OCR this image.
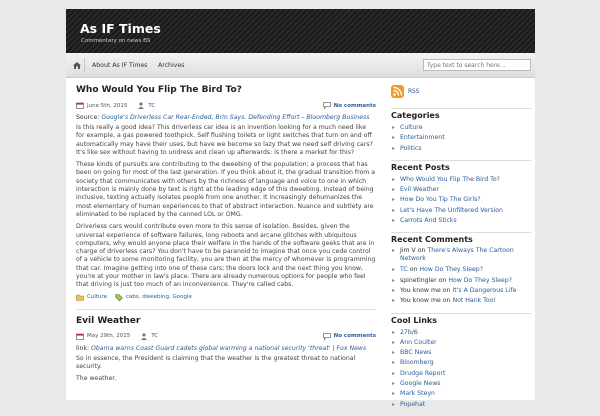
As IF Times
Commentary on news BS
About As IF Times Archives
Type text to search here...
Who Would You Flip The Bird To?
June 5th, 2015	TC	No comments
Source: Google's Driverless Car Rear-Ended, Brin Says. Defending Effort – Bloomberg Business

Is this really a good idea? This driverless car idea is an invention looking for a much need like for example, a gas powered toothpick. Self flushing toilets or light switches that turn on and off automatically may have their uses, but have we become so lazy that we need self driving cars? It's like sex without having to undress and clean up afterwards: is there a market for this?

These kinds of pursuits are contributing to the dweebing of the population; a process that has been on going for most of the last generation. If you think about it, the gradual transition from a society that communicates with others by the richness of language and voice to one in which interaction is mainly done by text is right at the leading edge of this dweebing. Instead of being inclusive, texting actually isolates people from one another. It increasingly dehumanizes the most elementary of human experiences to that of abstract interaction. Nuance and subtlety are eliminated to be replaced by the canned LOL or OMG.

Driverless cars would contribute even more to this sense of isolation. Besides, given the universal experience of software failures, long reboots and arcane glitches with ubiquitous computers, why would anyone place their welfare in the hands of the software geeks that are in charge of driverless cars? You don't have to be paranoid to imagine that once you cede control of a vehicle to some monitoring facility, you are then at the mercy of whomever is programming that car. Imagine getting into one of these cars; the doors lock and the next thing you know, you're at your mother in law's place. There are already numerous options for people who feel that driving is just too much of an inconvenience. They're called cabs.

Culture	cabs, dweebing, Google
Evil Weather
May 29th, 2015	TC	No comments
link: Obama warns Coast Guard cadets global warming a national security 'threat' | Fox News

So in essence, the President is claiming that the weather is the greatest threat to national security.

The weather.

RSS
Categories
▸ Culture
▸ Entertainment
▸ Politics
Recent Posts
▸ Who Would You Flip The Bird To?
▸ Evil Weather
▸ How Do You Tip The Girls?
▸ Let's Have The Unfiltered Version
▸ Carrots And Sticks
Recent Comments
▸ Jim V on There's Always The Cartoon Network
▸ TC on How Do They Sleep?
▸ spinetingler on How Do They Sleep?
▸ You know me on It's A Dangerous Life
▸ You know me on Not Hank Too!
Cool Links
▸ 27b/6
▸ Ann Coulter
▸ BBC News
▸ Bloomberg
▸ Drudge Report
▸ Google News
▸ Mark Steyn
▸ Popehat
